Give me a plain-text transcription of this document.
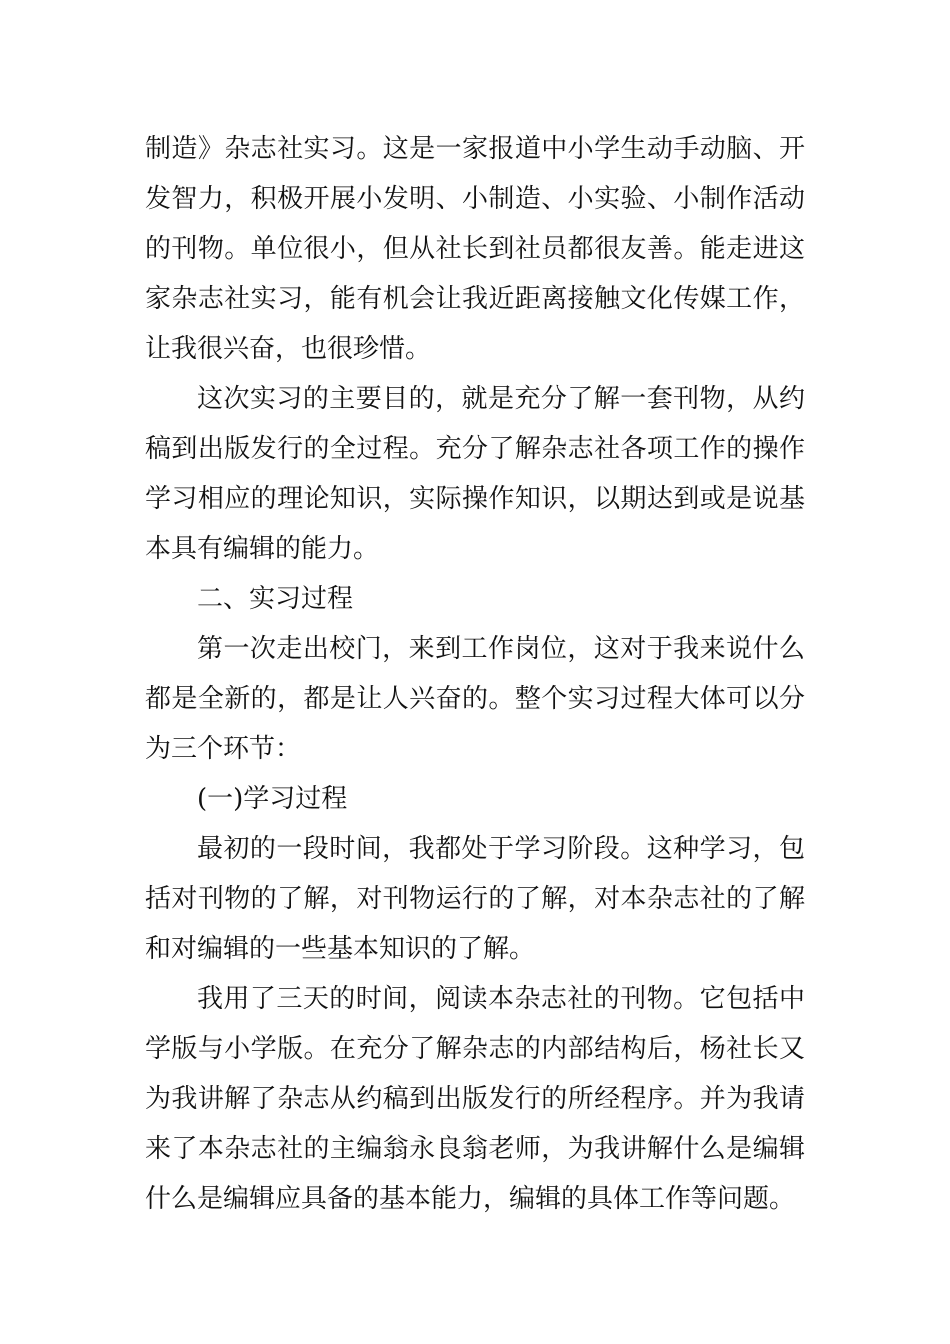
制造》杂志社实习。这是一家报道中小学生动手动脑、开
发智力，积极开展小发明、小制造、小实验、小制作活动
的刊物。单位很小，但从社长到社员都很友善。能走进这
家杂志社实习，能有机会让我近距离接触文化传媒工作，
让我很兴奋，也很珍惜。
这次实习的主要目的，就是充分了解一套刊物，从约
稿到出版发行的全过程。充分了解杂志社各项工作的操作
学习相应的理论知识，实际操作知识，以期达到或是说基
本具有编辑的能力。
二、实习过程
第一次走出校门，来到工作岗位，这对于我来说什么
都是全新的，都是让人兴奋的。整个实习过程大体可以分
为三个环节：
(一)学习过程
最初的一段时间，我都处于学习阶段。这种学习，包
括对刊物的了解，对刊物运行的了解，对本杂志社的了解
和对编辑的一些基本知识的了解。
我用了三天的时间，阅读本杂志社的刊物。它包括中
学版与小学版。在充分了解杂志的内部结构后，杨社长又
为我讲解了杂志从约稿到出版发行的所经程序。并为我请
来了本杂志社的主编翁永良翁老师，为我讲解什么是编辑
什么是编辑应具备的基本能力，编辑的具体工作等问题。
